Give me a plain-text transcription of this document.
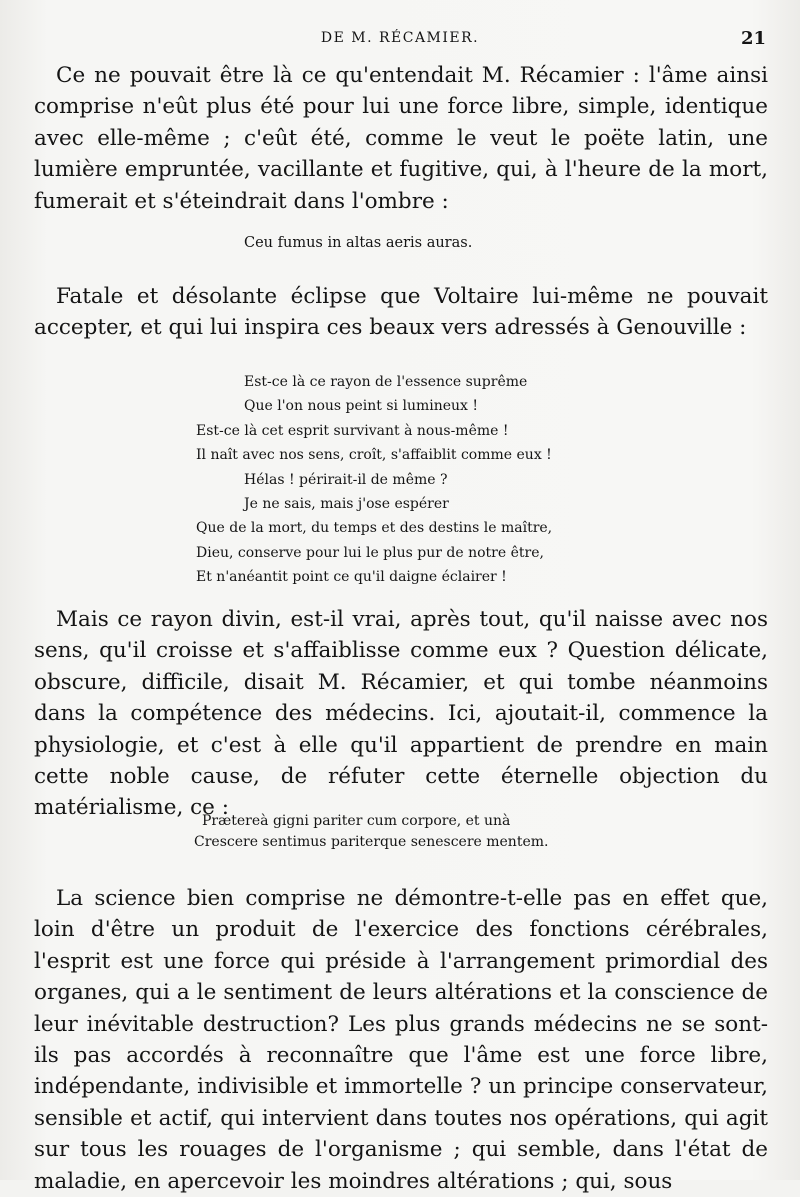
DE M. RÉCAMIER.	21
Ce ne pouvait être là ce qu'entendait M. Récamier : l'âme ainsi comprise n'eût plus été pour lui une force libre, simple, identique avec elle-même ; c'eût été, comme le veut le poëte latin, une lumière empruntée, vacillante et fugitive, qui, à l'heure de la mort, fumerait et s'éteindrait dans l'ombre :
Ceu fumus in altas aeris auras.
Fatale et désolante éclipse que Voltaire lui-même ne pouvait accepter, et qui lui inspira ces beaux vers adressés à Genouville :
Est-ce là ce rayon de l'essence suprême
Que l'on nous peint si lumineux !
Est-ce là cet esprit survivant à nous-même !
Il naît avec nos sens, croît, s'affaiblit comme eux !
Hélas ! périrait-il de même ?
Je ne sais, mais j'ose espérer
Que de la mort, du temps et des destins le maître,
Dieu, conserve pour lui le plus pur de notre être,
Et n'anéantit point ce qu'il daigne éclairer !
Mais ce rayon divin, est-il vrai, après tout, qu'il naisse avec nos sens, qu'il croisse et s'affaiblisse comme eux ? Question délicate, obscure, difficile, disait M. Récamier, et qui tombe néanmoins dans la compétence des médecins. Ici, ajoutait-il, commence la physiologie, et c'est à elle qu'il appartient de prendre en main cette noble cause, de réfuter cette éternelle objection du matérialisme, ce :
Prætereà gigni pariter cum corpore, et unà
Crescere sentimus pariterque senescere mentem.
La science bien comprise ne démontre-t-elle pas en effet que, loin d'être un produit de l'exercice des fonctions cérébrales, l'esprit est une force qui préside à l'arrangement primordial des organes, qui a le sentiment de leurs altérations et la conscience de leur inévitable destruction? Les plus grands médecins ne se sont-ils pas accordés à reconnaître que l'âme est une force libre, indépendante, indivisible et immortelle ? un principe conservateur, sensible et actif, qui intervient dans toutes nos opérations, qui agit sur tous les rouages de l'organisme ; qui semble, dans l'état de maladie, en apercevoir les moindres altérations ; qui, sous
